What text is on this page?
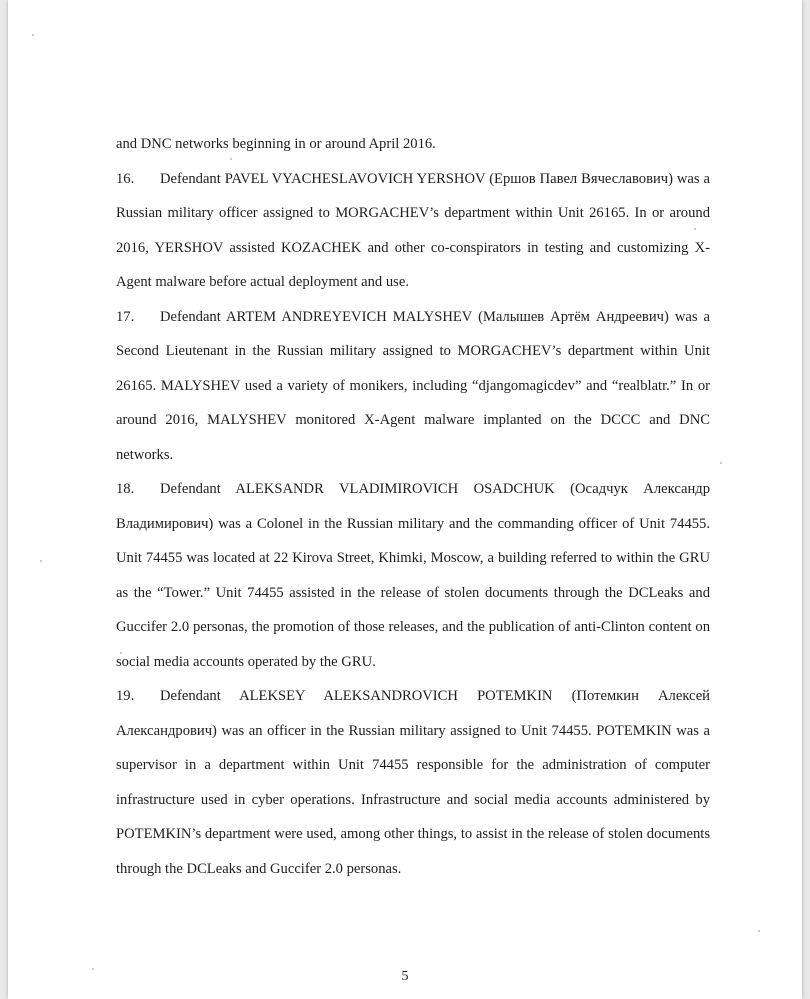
and DNC networks beginning in or around April 2016.

16. Defendant PAVEL VYACHESLAVOVICH YERSHOV (Ершов Павел Вячеславович) was a Russian military officer assigned to MORGACHEV’s department within Unit 26165. In or around 2016, YERSHOV assisted KOZACHEK and other co-conspirators in testing and customizing X-Agent malware before actual deployment and use.

17. Defendant ARTEM ANDREYEVICH MALYSHEV (Малышев Артём Андреевич) was a Second Lieutenant in the Russian military assigned to MORGACHEV’s department within Unit 26165. MALYSHEV used a variety of monikers, including “djangomagicdev” and “realblatr.” In or around 2016, MALYSHEV monitored X-Agent malware implanted on the DCCC and DNC networks.

18. Defendant ALEKSANDR VLADIMIROVICH OSADCHUK (Осадчук Александр Владимирович) was a Colonel in the Russian military and the commanding officer of Unit 74455. Unit 74455 was located at 22 Kirova Street, Khimki, Moscow, a building referred to within the GRU as the “Tower.” Unit 74455 assisted in the release of stolen documents through the DCLeaks and Guccifer 2.0 personas, the promotion of those releases, and the publication of anti-Clinton content on social media accounts operated by the GRU.

19. Defendant ALEKSEY ALEKSANDROVICH POTEMKIN (Потемкин Алексей Александрович) was an officer in the Russian military assigned to Unit 74455. POTEMKIN was a supervisor in a department within Unit 74455 responsible for the administration of computer infrastructure used in cyber operations. Infrastructure and social media accounts administered by POTEMKIN’s department were used, among other things, to assist in the release of stolen documents through the DCLeaks and Guccifer 2.0 personas.

5
